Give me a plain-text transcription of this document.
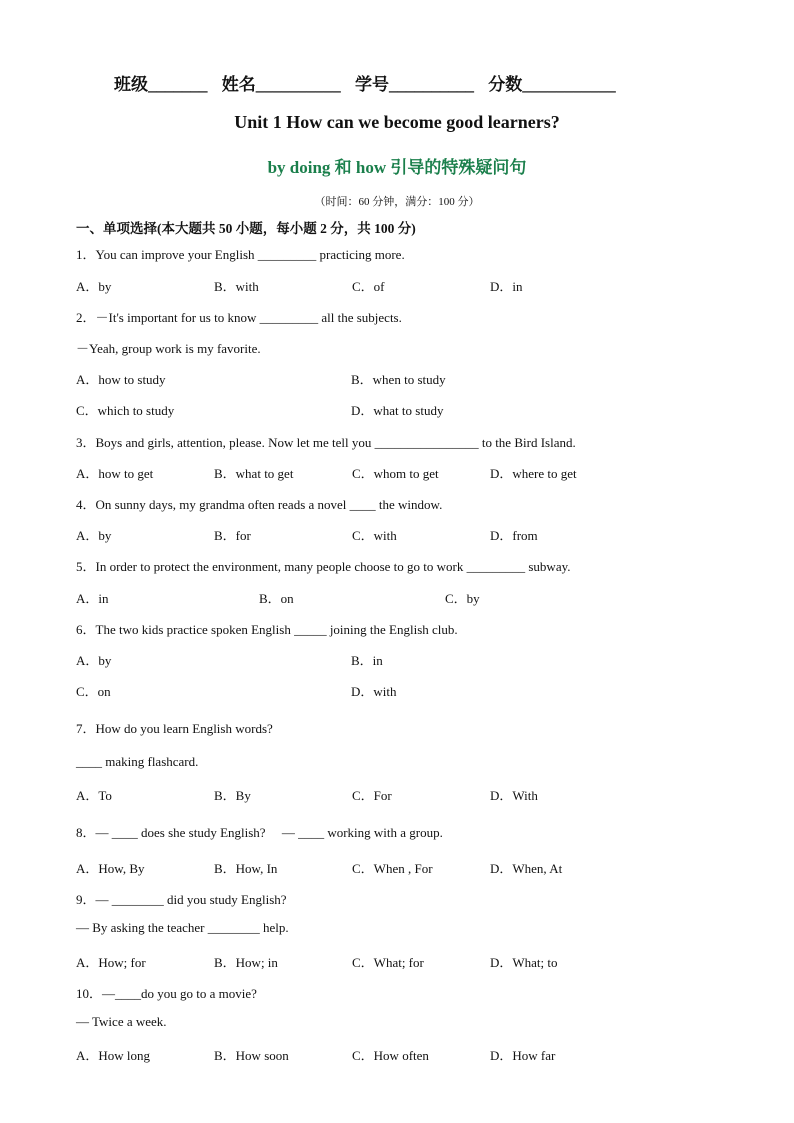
班级_______ 姓名__________ 学号__________ 分数___________
Unit 1 How can we become good learners?
by doing 和 how 引导的特殊疑问句
（时间：60 分钟，满分：100 分）
一、单项选择(本大题共 50 小题，每小题 2 分，共 100 分)
1．You can improve your English _________ practicing more.
A．by	B．with	C．of	D．in
2．－It's important for us to know _________ all the subjects.
－Yeah, group work is my favorite.
A．how to study	B．when to study
C．which to study	D．what to study
3．Boys and girls, attention, please. Now let me tell you ________________ to the Bird Island.
A．how to get	B．what to get	C．whom to get	D．where to get
4．On sunny days, my grandma often reads a novel ____ the window.
A．by	B．for	C．with	D．from
5．In order to protect the environment, many people choose to go to work _________ subway.
A．in	B．on	C．by
6．The two kids practice spoken English _____ joining the English club.
A．by	B．in
C．on	D．with
7．How do you learn English words?
____ making flashcard.
A．To	B．By	C．For	D．With
8．— ____ does she study English?　 — ____ working with a group.
A．How, By	B．How, In	C．When , For	D．When, At
9．— ________ did you study English?
— By asking the teacher ________ help.
A．How; for	B．How; in	C．What; for	D．What; to
10．—____do you go to a movie?
— Twice a week.
A．How long	B．How soon	C．How often	D．How far
